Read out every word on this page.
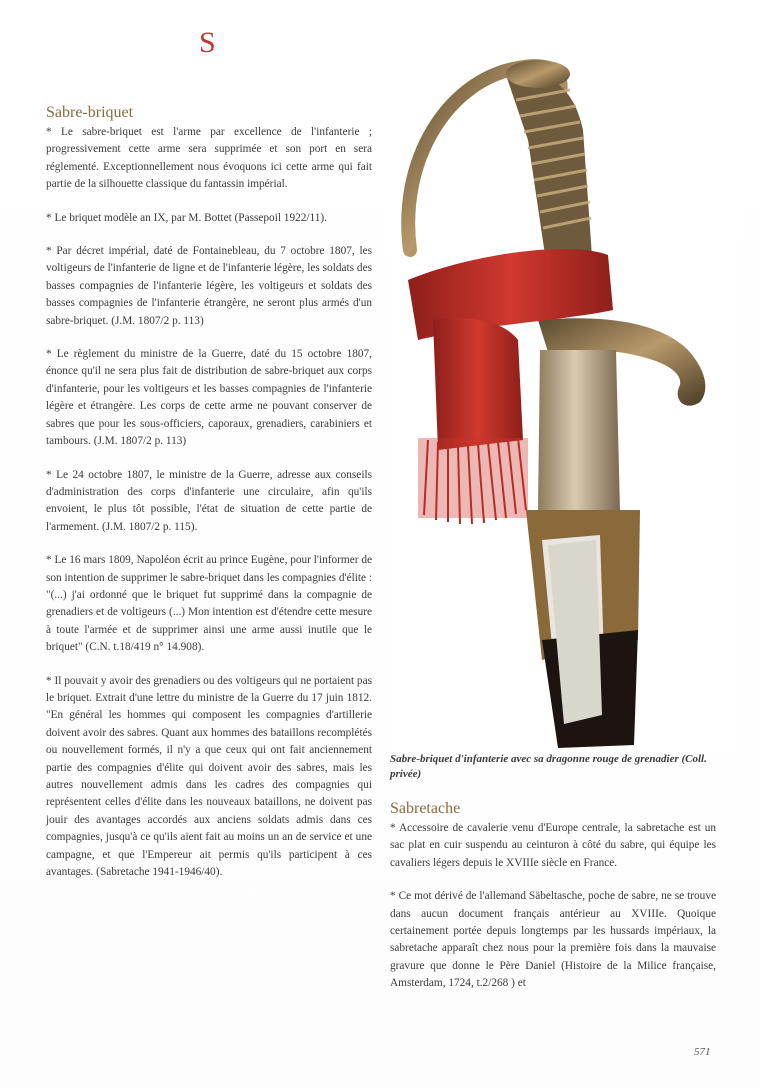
S
Sabre-briquet

* Le sabre-briquet est l'arme par excellence de l'infanterie ; progressivement cette arme sera supprimée et son port en sera réglementé. Exceptionnellement nous évoquons ici cette arme qui fait partie de la silhouette classique du fantassin impérial.

* Le briquet modèle an IX, par M. Bottet (Passepoil 1922/11).

* Par décret impérial, daté de Fontainebleau, du 7 octobre 1807, les voltigeurs de l'infanterie de ligne et de l'infanterie légère, les soldats des basses compagnies de l'infanterie légère, les voltigeurs et soldats des basses compagnies de l'infanterie étrangère, ne seront plus armés d'un sabre-briquet. (J.M. 1807/2 p. 113)

* Le règlement du ministre de la Guerre, daté du 15 octobre 1807, énonce qu'il ne sera plus fait de distribution de sabre-briquet aux corps d'infanterie, pour les voltigeurs et les basses compagnies de l'infanterie légère et étrangère. Les corps de cette arme ne pouvant conserver de sabres que pour les sous-officiers, caporaux, grenadiers, carabiniers et tambours. (J.M. 1807/2 p. 113)

* Le 24 octobre 1807, le ministre de la Guerre, adresse aux conseils d'administration des corps d'infanterie une circulaire, afin qu'ils envoient, le plus tôt possible, l'état de situation de cette partie de l'armement. (J.M. 1807/2 p. 115).

* Le 16 mars 1809, Napoléon écrit au prince Eugène, pour l'informer de son intention de supprimer le sabre-briquet dans les compagnies d'élite : "(...) j'ai ordonné que le briquet fut supprimé dans la compagnie de grenadiers et de voltigeurs (...) Mon intention est d'étendre cette mesure à toute l'armée et de supprimer ainsi une arme aussi inutile que le briquet" (C.N. t.18/419 n° 14.908).

* Il pouvait y avoir des grenadiers ou des voltigeurs qui ne portaient pas le briquet. Extrait d'une lettre du ministre de la Guerre du 17 juin 1812. "En général les hommes qui composent les compagnies d'artillerie doivent avoir des sabres. Quant aux hommes des bataillons recomplétés ou nouvellement formés, il n'y a que ceux qui ont fait anciennement partie des compagnies d'élite qui doivent avoir des sabres, mais les autres nouvellement admis dans les cadres des compagnies qui représentent celles d'élite dans les nouveaux bataillons, ne doivent pas jouir des avantages accordés aux anciens soldats admis dans ces compagnies, jusqu'à ce qu'ils aient fait au moins un an de service et une campagne, et que l'Empereur ait permis qu'ils participent à ces avantages. (Sabretache 1941-1946/40).

Sabre-briquet d'infanterie avec sa dragonne rouge de grenadier (Coll. privée)
Sabretache

* Accessoire de cavalerie venu d'Europe centrale, la sabretache est un sac plat en cuir suspendu au ceinturon à côté du sabre, qui équipe les cavaliers légers depuis le XVIIIe siècle en France.

* Ce mot dérivé de l'allemand Säbeltasche, poche de sabre, ne se trouve dans aucun document français antérieur au XVIIIe. Quoique certainement portée depuis longtemps par les hussards impériaux, la sabretache apparaît chez nous pour la première fois dans la mauvaise gravure que donne le Père Daniel (Histoire de la Milice française, Amsterdam, 1724, t.2/268 ) et

571
